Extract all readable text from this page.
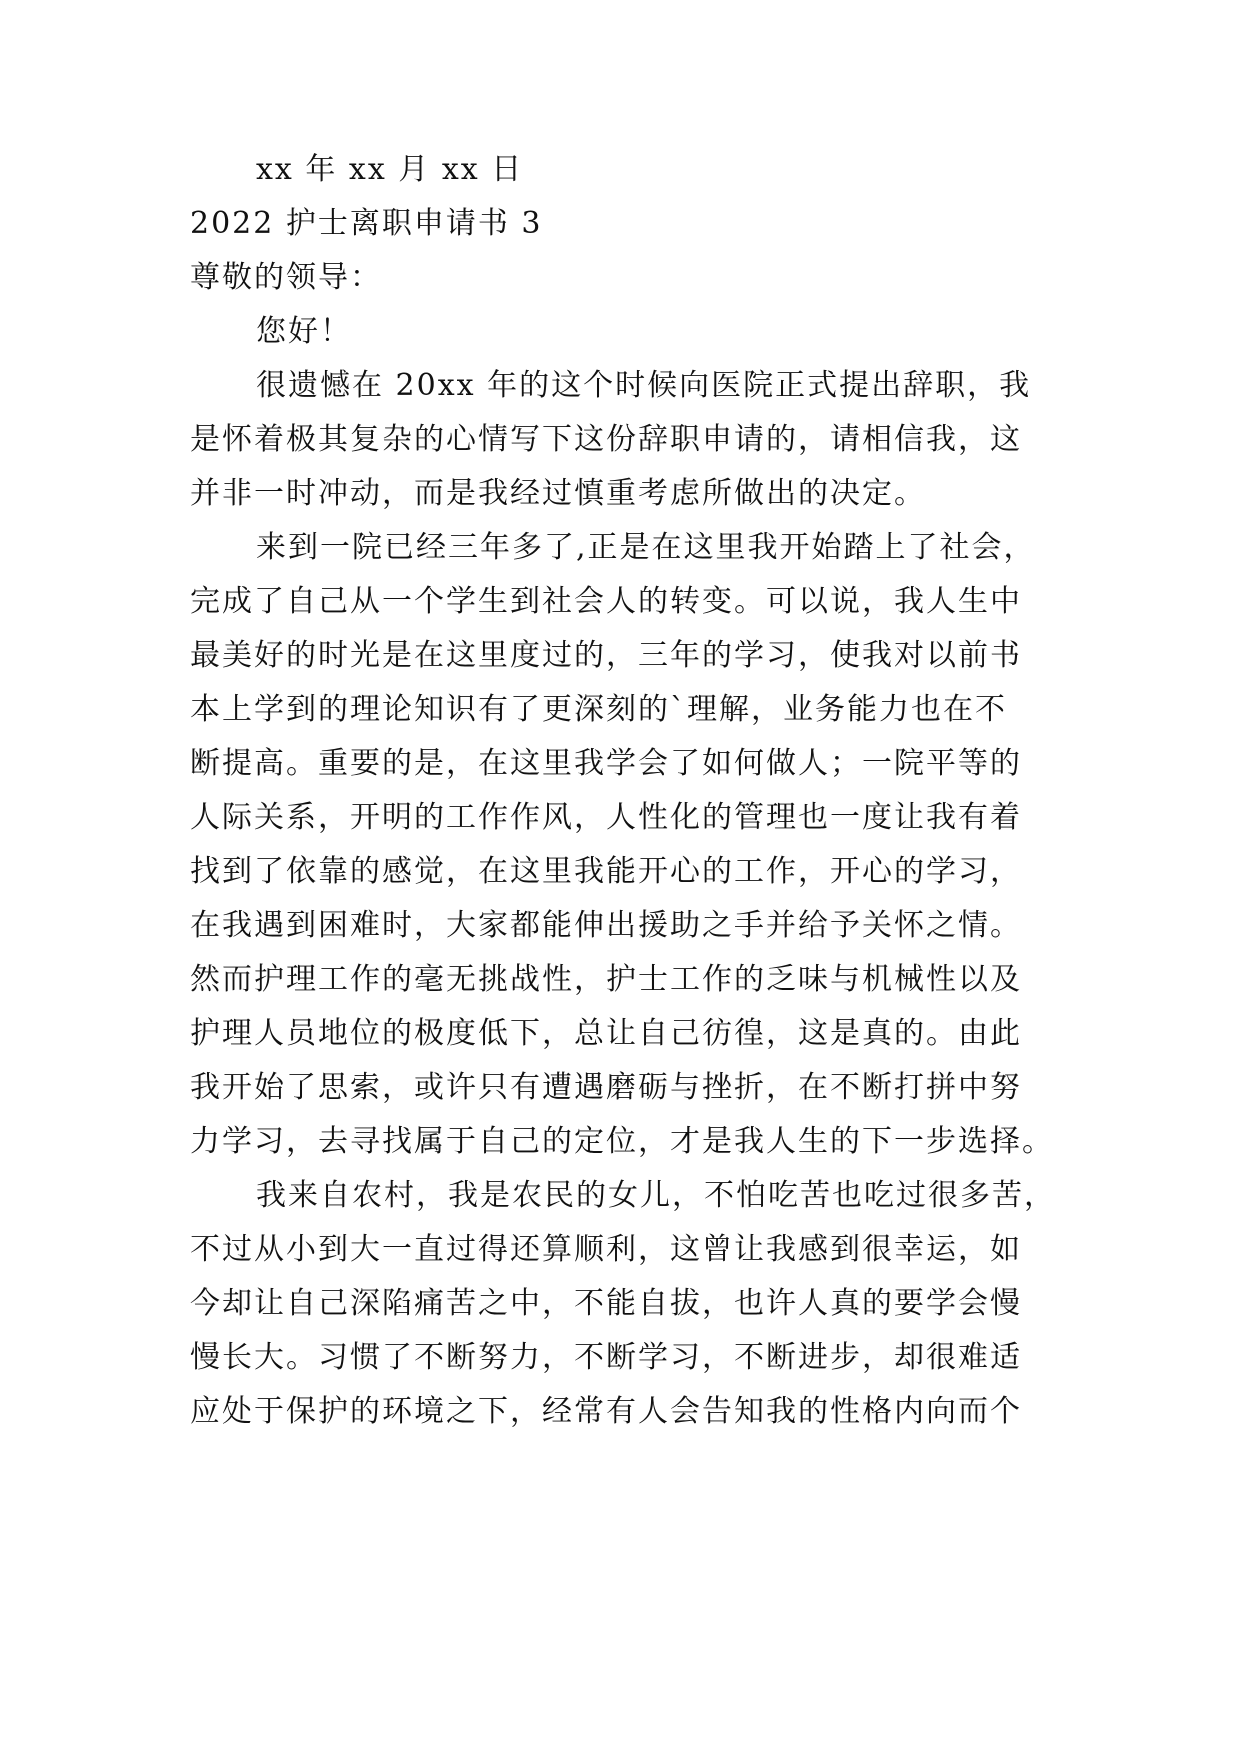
xx 年 xx 月 xx 日
2022 护士离职申请书 3
尊敬的领导：
您好！
很遗憾在 20xx 年的这个时候向医院正式提出辞职，我
是怀着极其复杂的心情写下这份辞职申请的，请相信我，这
并非一时冲动，而是我经过慎重考虑所做出的决定。
来到一院已经三年多了,正是在这里我开始踏上了社会，
完成了自己从一个学生到社会人的转变。可以说，我人生中
最美好的时光是在这里度过的，三年的学习，使我对以前书
本上学到的理论知识有了更深刻的`理解，业务能力也在不
断提高。重要的是，在这里我学会了如何做人；一院平等的
人际关系，开明的工作作风，人性化的管理也一度让我有着
找到了依靠的感觉，在这里我能开心的工作，开心的学习，
在我遇到困难时，大家都能伸出援助之手并给予关怀之情。
然而护理工作的毫无挑战性，护士工作的乏味与机械性以及
护理人员地位的极度低下，总让自己彷徨，这是真的。由此
我开始了思索，或许只有遭遇磨砺与挫折，在不断打拼中努
力学习，去寻找属于自己的定位，才是我人生的下一步选择。
我来自农村，我是农民的女儿，不怕吃苦也吃过很多苦，
不过从小到大一直过得还算顺利，这曾让我感到很幸运，如
今却让自己深陷痛苦之中，不能自拔，也许人真的要学会慢
慢长大。习惯了不断努力，不断学习，不断进步，却很难适
应处于保护的环境之下，经常有人会告知我的性格内向而个
